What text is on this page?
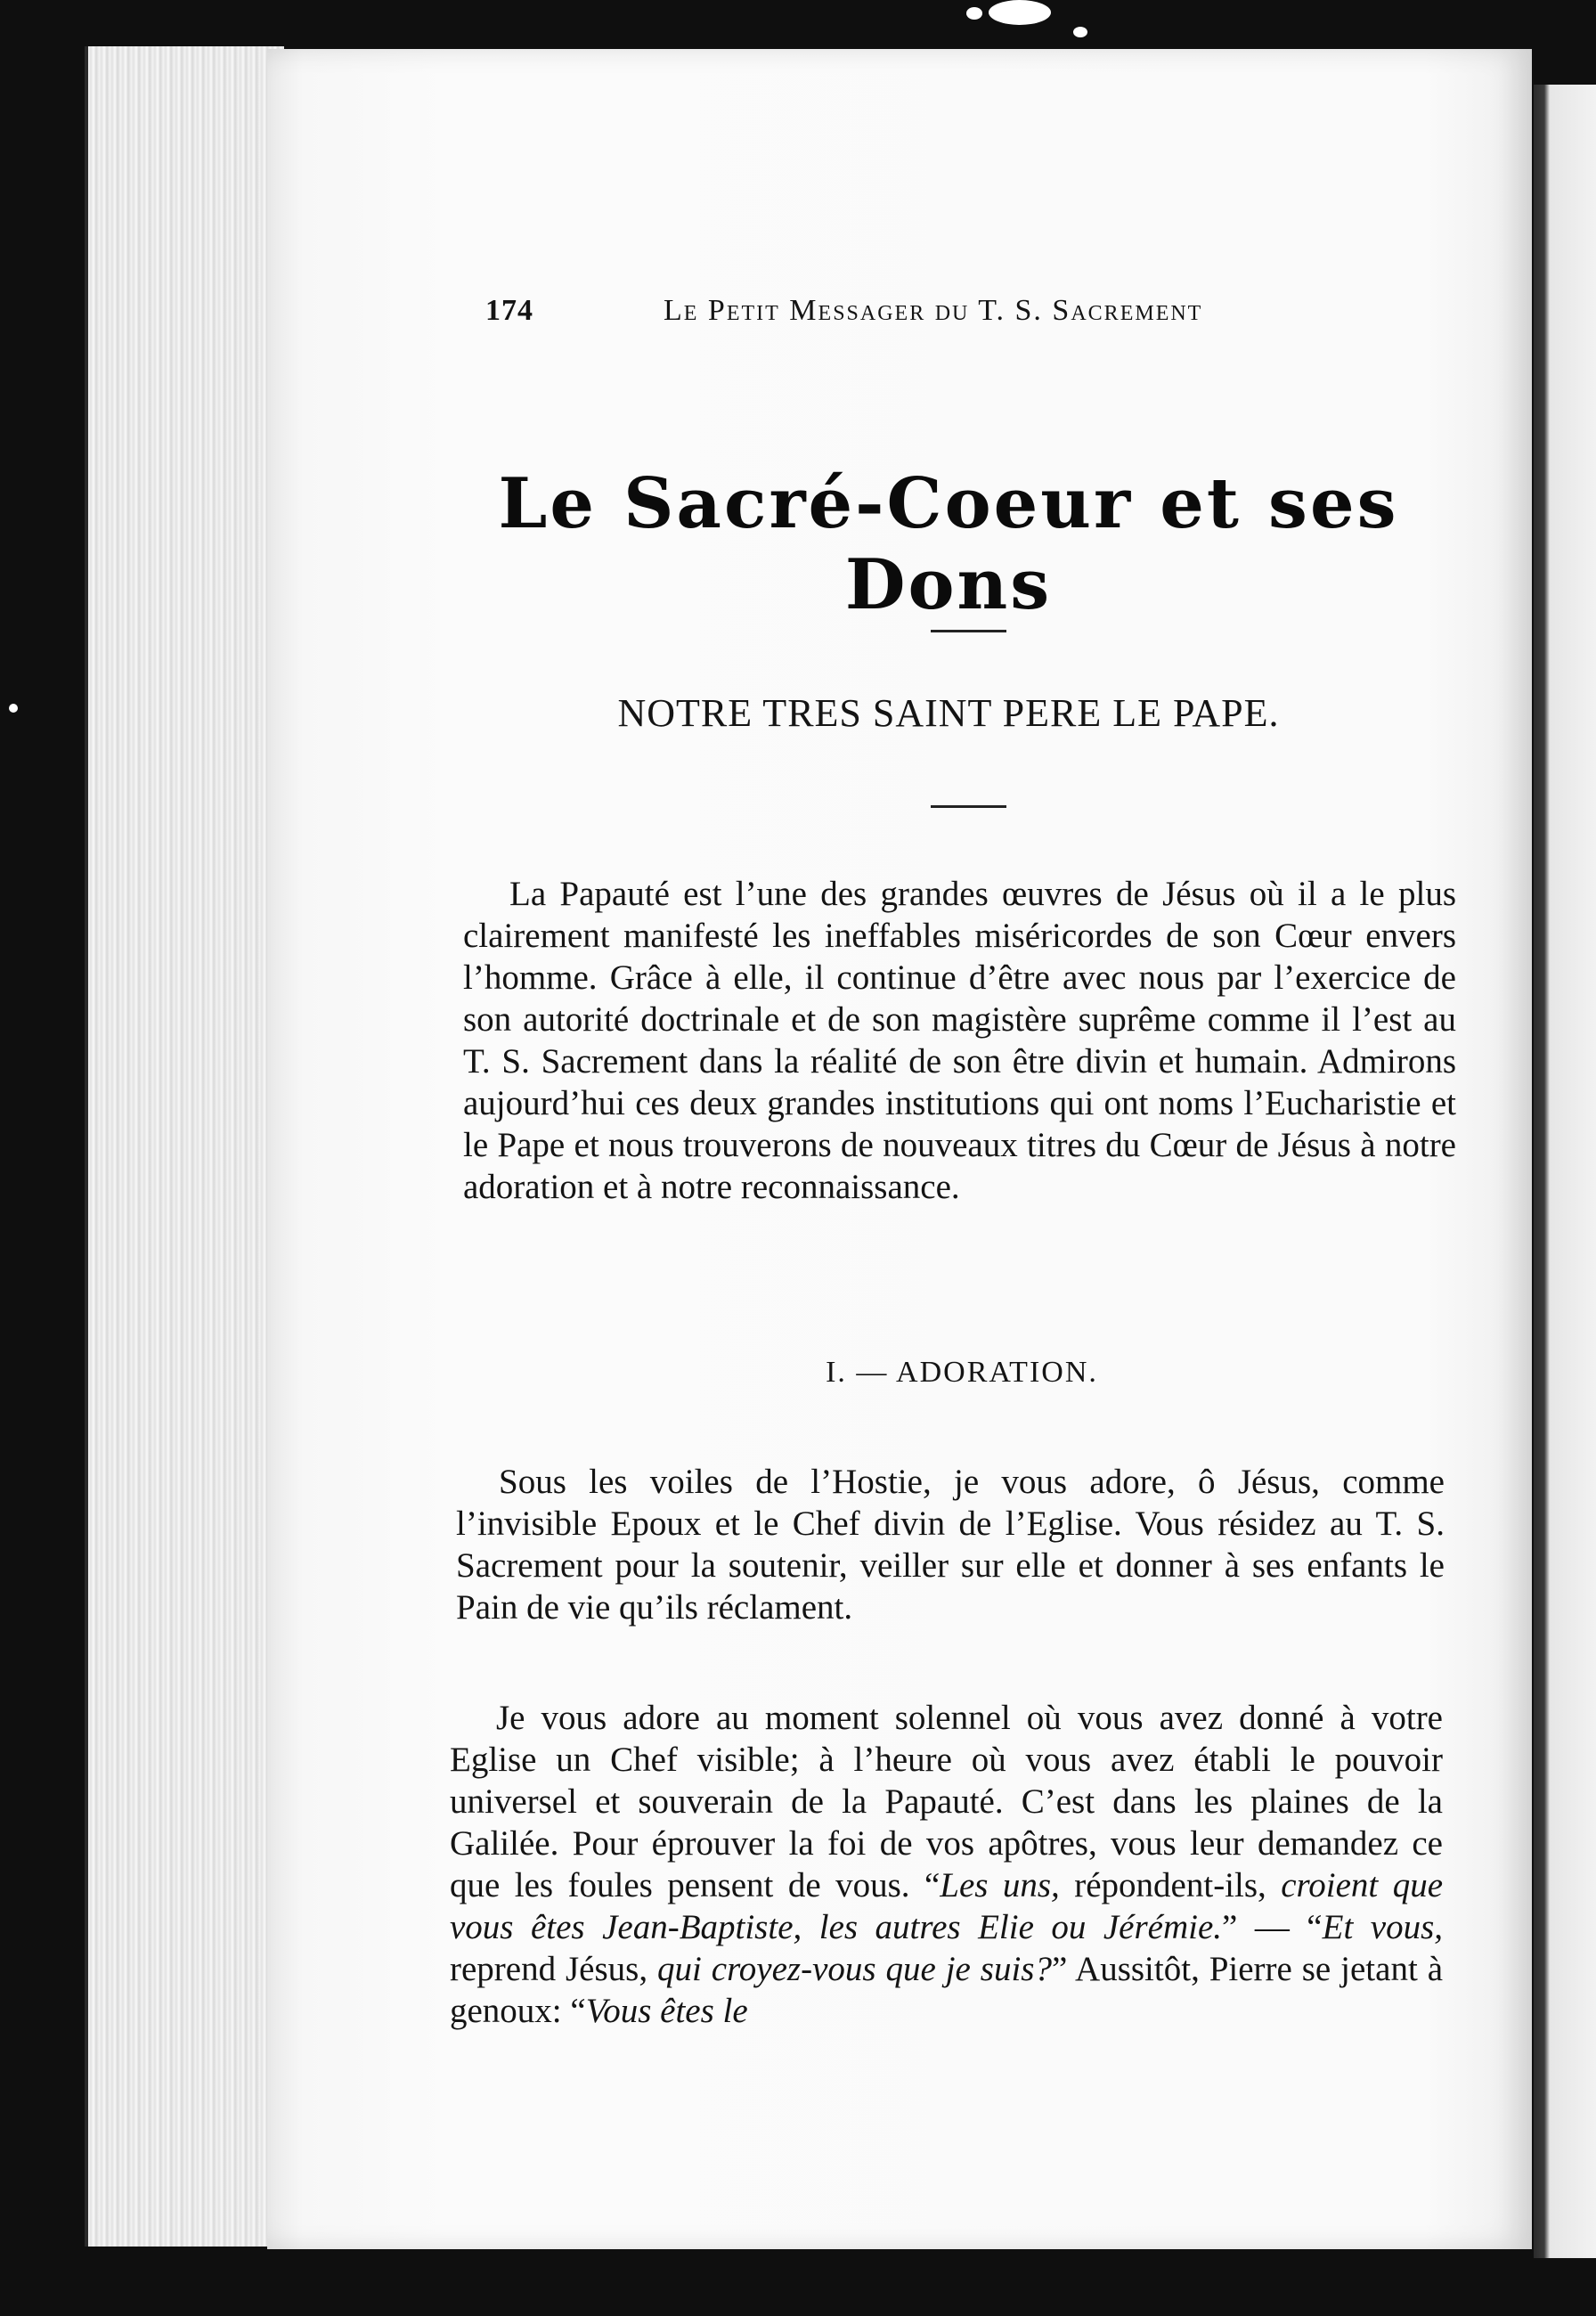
174	Le Petit Messager du T. S. Sacrement
Le Sacré-Coeur et ses Dons
NOTRE TRES SAINT PERE LE PAPE.

La Papauté est l’une des grandes œuvres de Jésus où il a le plus clairement manifesté les ineffables miséricordes de son Cœur envers l’homme. Grâce à elle, il continue d’être avec nous par l’exercice de son autorité doctrinale et de son magistère suprême comme il l’est au T. S. Sacrement dans la réalité de son être divin et humain. Admirons aujourd’hui ces deux grandes institutions qui ont noms l’Eucharistie et le Pape et nous trouverons de nouveaux titres du Cœur de Jésus à notre adoration et à notre reconnaissance.

I. — ADORATION.

Sous les voiles de l’Hostie, je vous adore, ô Jésus, comme l’invisible Epoux et le Chef divin de l’Eglise. Vous résidez au T. S. Sacrement pour la soutenir, veiller sur elle et donner à ses enfants le Pain de vie qu’ils réclament.

Je vous adore au moment solennel où vous avez donné à votre Eglise un Chef visible; à l’heure où vous avez établi le pouvoir universel et souverain de la Papauté. C’est dans les plaines de la Galilée. Pour éprouver la foi de vos apôtres, vous leur demandez ce que les foules pensent de vous. “Les uns, répondent-ils, croient que vous êtes Jean-Baptiste, les autres Elie ou Jérémie.” — “Et vous, reprend Jésus, qui croyez-vous que je suis?” Aussitôt, Pierre se jetant à genoux: “Vous êtes le
